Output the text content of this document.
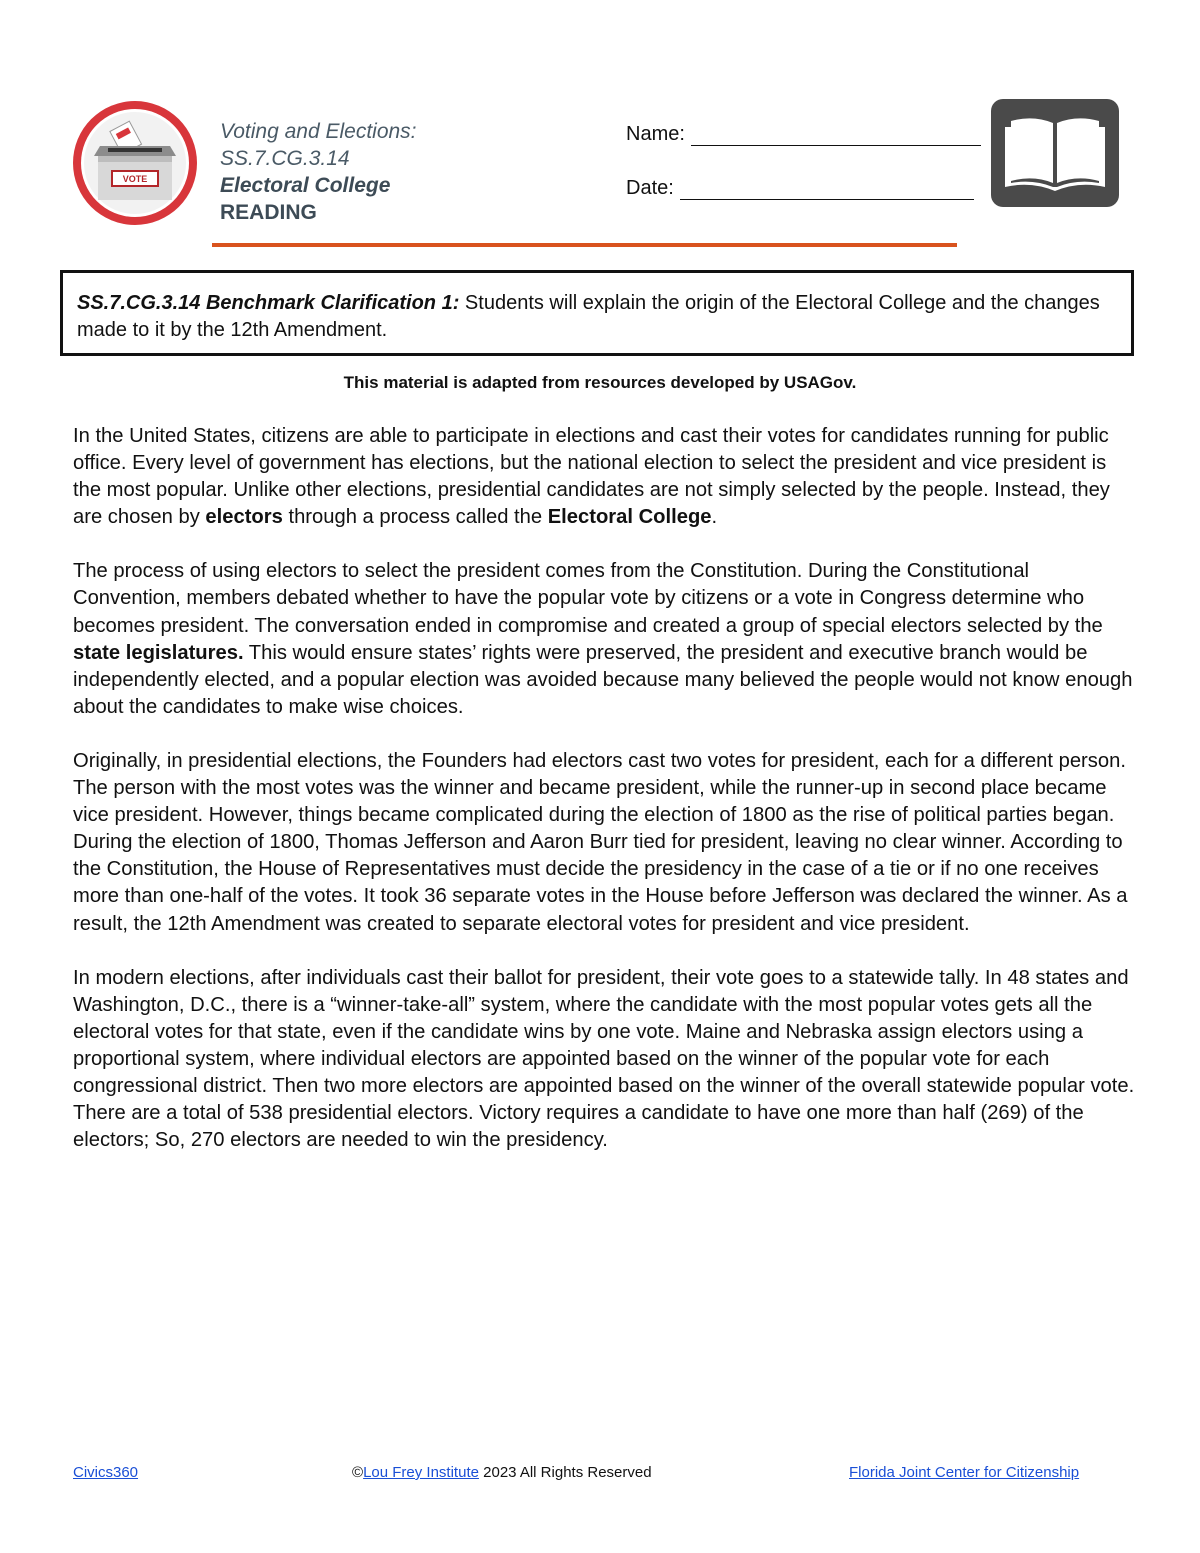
VOTE
Voting and Elections:
SS.7.CG.3.14
Electoral College
READING
Name:
Date:
SS.7.CG.3.14 Benchmark Clarification 1: Students will explain the origin of the Electoral College and the changes made to it by the 12th Amendment.
This material is adapted from resources developed by USAGov.

In the United States, citizens are able to participate in elections and cast their votes for candidates running for public office. Every level of government has elections, but the national election to select the president and vice president is the most popular. Unlike other elections, presidential candidates are not simply selected by the people. Instead, they are chosen by electors through a process called the Electoral College.

The process of using electors to select the president comes from the Constitution. During the Constitutional Convention, members debated whether to have the popular vote by citizens or a vote in Congress determine who becomes president. The conversation ended in compromise and created a group of special electors selected by the state legislatures. This would ensure states’ rights were preserved, the president and executive branch would be independently elected, and a popular election was avoided because many believed the people would not know enough about the candidates to make wise choices.

Originally, in presidential elections, the Founders had electors cast two votes for president, each for a different person. The person with the most votes was the winner and became president, while the runner-up in second place became vice president. However, things became complicated during the election of 1800 as the rise of political parties began. During the election of 1800, Thomas Jefferson and Aaron Burr tied for president, leaving no clear winner. According to the Constitution, the House of Representatives must decide the presidency in the case of a tie or if no one receives more than one-half of the votes. It took 36 separate votes in the House before Jefferson was declared the winner. As a result, the 12th Amendment was created to separate electoral votes for president and vice president.

In modern elections, after individuals cast their ballot for president, their vote goes to a statewide tally. In 48 states and Washington, D.C., there is a “winner-take-all” system, where the candidate with the most popular votes gets all the electoral votes for that state, even if the candidate wins by one vote. Maine and Nebraska assign electors using a proportional system, where individual electors are appointed based on the winner of the popular vote for each congressional district. Then two more electors are appointed based on the winner of the overall statewide popular vote. There are a total of 538 presidential electors. Victory requires a candidate to have one more than half (269) of the electors; So, 270 electors are needed to win the presidency.

Civics360	©Lou Frey Institute 2023 All Rights Reserved	Florida Joint Center for Citizenship
